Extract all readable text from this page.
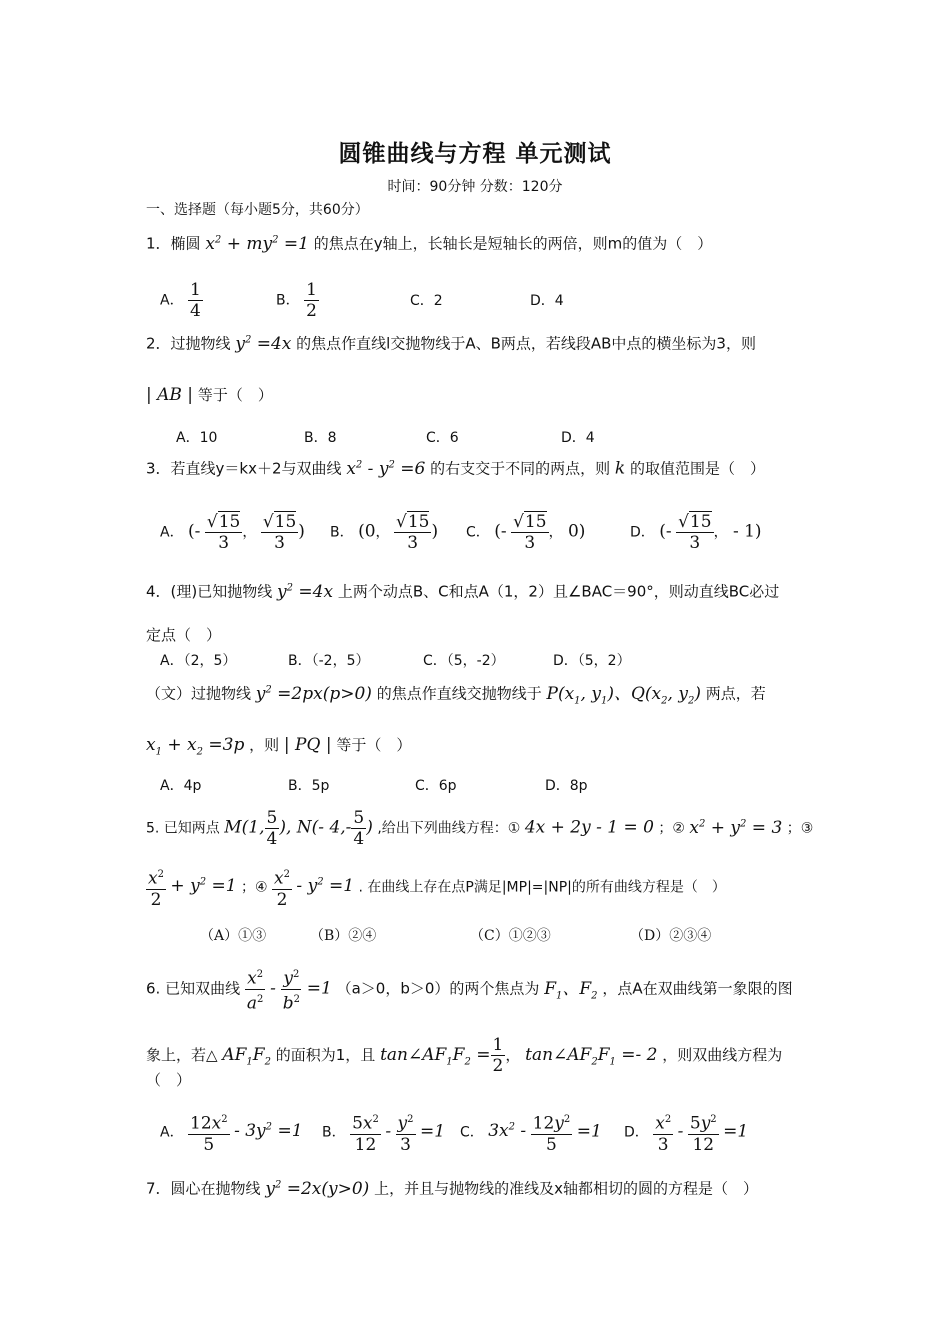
圆锥曲线与方程 单元测试
时间：90分钟 分数：120分
一、选择题（每小题5分，共60分）
1．椭圆 $x^2 + my^2 =1$ 的焦点在y轴上，长轴长是短轴长的两倍，则m的值为（　）
A． $\frac{1}{4}$	B． $\frac{1}{2}$	C．2	D．4
2．过抛物线 $y^2 =4x$ 的焦点作直线l交抛物线于A、B两点，若线段AB中点的横坐标为3，则
| AB | 等于（　）
A．10	B．8	C．6	D．4
3．若直线y＝kx＋2与双曲线 $x^2 - y^2 =6$ 的右支交于不同的两点，则 k 的取值范围是（　）
A． (- $\frac{√15}{3}$ ， $\frac{√15}{3}$ ) B． (0， $\frac{√15}{3}$ ) C． (- $\frac{√15}{3}$ ， 0)	D． (- $\frac{√15}{3}$ ， - 1)
4．(理)已知抛物线 $y^2 =4x$ 上两个动点B、C和点A（1，2）且∠BAC＝90°，则动直线BC必过
定点（　）
A．（2，5）	B．（-2，5）	C．（5，-2）	D．（5，2）
（文）过抛物线 $y^2 =2px(p>0)$ 的焦点作直线交抛物线于 $P(x_1$, $y_1$)、$Q(x_2$, $y_2$) 两点，若
$x_1 + x_2 =3p$ ，则 | PQ | 等于（　）
A．4p	B．5p	C．6p	D．8p
5. 已知两点 M(1, $\frac{5}{4}$ ), N(- $4,- \frac{5}{4}$ ) ,给出下列曲线方程：① 4x + 2y - 1 = 0 ；② $x^2 + y^2 = 3$ ；③
$\frac{x^2}{2} + y^2 =1$ ；④ $\frac{x^2}{2} - y^2 =1$ . 在曲线上存在点P满足|MP|=|NP|的所有曲线方程是（　）
（A）①③	（B）②④	（C）①②③	（D）②③④
6. 已知双曲线 $\frac{x^2}{a^2} - \frac{y^2}{b^2} =1$ （a＞0，b＞0）的两个焦点为 $F_1$、$F_2$ ，点A在双曲线第一象限的图
象上，若△ $AF_1F_2$ 的面积为1，且 $\tan\angle AF_1F_2 = \frac{1}{2}$ ， $\tan\angle AF_2F_1 =- 2$ ，则双曲线方程为
（　）
A． $\frac{12x^2}{5} - 3y^2 =1$ B． $\frac{5x^2}{12} - \frac{y^2}{3} =1$ C． $3x^2 - \frac{12y^2}{5} =1$ D． $\frac{x^2}{3} - \frac{5y^2}{12} =1$
7．圆心在抛物线 $y^2 =2x(y>0)$ 上，并且与抛物线的准线及x轴都相切的圆的方程是（　）
